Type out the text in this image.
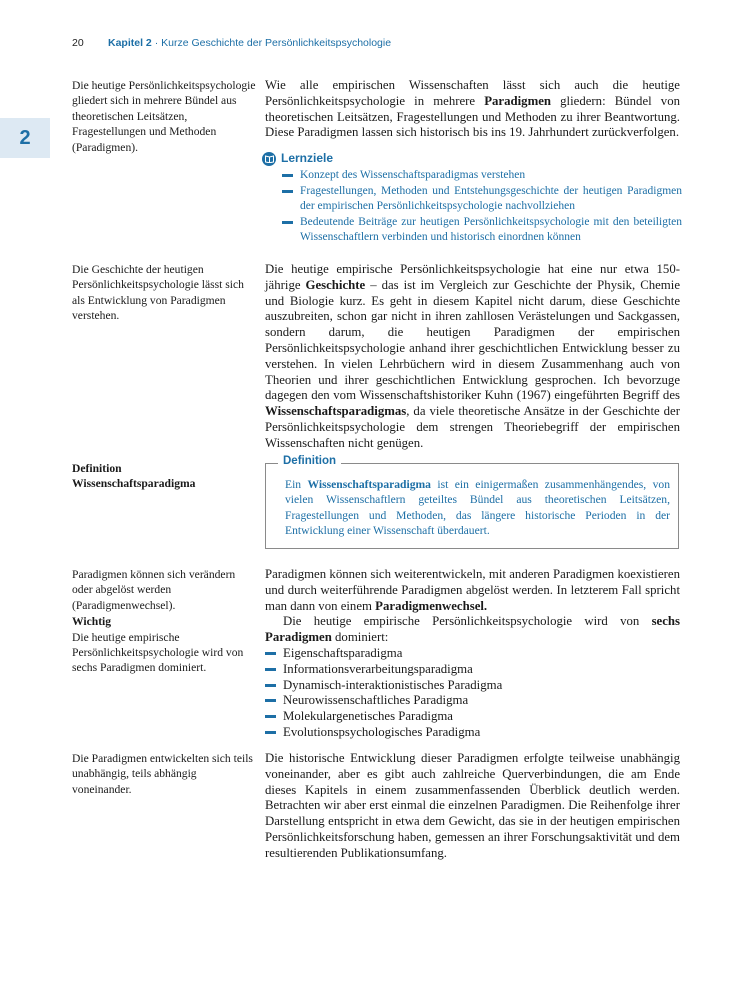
20 Kapitel 2 · Kurze Geschichte der Persönlichkeitspsychologie
2

Die heutige Persönlichkeitspsychologie gliedert sich in mehrere Bündel aus theoretischen Leitsätzen, Fragestellungen und Methoden (Paradigmen).

Die Geschichte der heutigen Persönlichkeitspsychologie lässt sich als Entwicklung von Paradigmen verstehen.

Definition
Wissenschaftsparadigma

Paradigmen können sich verändern oder abgelöst werden (Paradigmenwechsel).

Wichtig

Die heutige empirische Persönlichkeitspsychologie wird von sechs Paradigmen dominiert.

Die Paradigmen entwickelten sich teils unabhängig, teils abhängig voneinander.

Wie alle empirischen Wissenschaften lässt sich auch die heutige Persönlichkeitspsychologie in mehrere Paradigmen gliedern: Bündel von theoretischen Leitsätzen, Fragestellungen und Methoden zu ihrer Beantwortung. Diese Paradigmen lassen sich historisch bis ins 19. Jahrhundert zurückverfolgen.

Lernziele
Konzept des Wissenschaftsparadigmas verstehen
Fragestellungen, Methoden und Entstehungsgeschichte der heutigen Paradigmen der empirischen Persönlichkeitspsychologie nachvollziehen
Bedeutende Beiträge zur heutigen Persönlichkeitspsychologie mit den beteiligten Wissenschaftlern verbinden und historisch einordnen können

Die heutige empirische Persönlichkeitspsychologie hat eine nur etwa 150-jährige Geschichte – das ist im Vergleich zur Geschichte der Physik, Chemie und Biologie kurz. Es geht in diesem Kapitel nicht darum, diese Geschichte auszubreiten, schon gar nicht in ihren zahllosen Verästelungen und Sackgassen, sondern darum, die heutigen Paradigmen der empirischen Persönlichkeitspsychologie anhand ihrer geschichtlichen Entwicklung besser zu verstehen. In vielen Lehrbüchern wird in diesem Zusammenhang auch von Theorien und ihrer geschichtlichen Entwicklung gesprochen. Ich bevorzuge dagegen den vom Wissenschaftshistoriker Kuhn (1967) eingeführten Begriff des Wissenschaftsparadigmas, da viele theoretische Ansätze in der Geschichte der Persönlichkeitspsychologie dem strengen Theoriebegriff der empirischen Wissenschaften nicht genügen.

Definition
Ein Wissenschaftsparadigma ist ein einigermaßen zusammenhängendes, von vielen Wissenschaftlern geteiltes Bündel aus theoretischen Leitsätzen, Fragestellungen und Methoden, das längere historische Perioden in der Entwicklung einer Wissenschaft überdauert.

Paradigmen können sich weiterentwickeln, mit anderen Paradigmen koexistieren und durch weiterführende Paradigmen abgelöst werden. In letzterem Fall spricht man dann von einem Paradigmenwechsel.

Die heutige empirische Persönlichkeitspsychologie wird von sechs Paradigmen dominiert:

Eigenschaftsparadigma
Informationsverarbeitungsparadigma
Dynamisch-interaktionistisches Paradigma
Neurowissenschaftliches Paradigma
Molekulargenetisches Paradigma
Evolutionspsychologisches Paradigma

Die historische Entwicklung dieser Paradigmen erfolgte teilweise unabhängig voneinander, aber es gibt auch zahlreiche Querverbindungen, die am Ende dieses Kapitels in einem zusammenfassenden Überblick deutlich werden. Betrachten wir aber erst einmal die einzelnen Paradigmen. Die Reihenfolge ihrer Darstellung entspricht in etwa dem Gewicht, das sie in der heutigen empirischen Persönlichkeitsforschung haben, gemessen an ihrer Forschungsaktivität und dem resultierenden Publikationsumfang.
